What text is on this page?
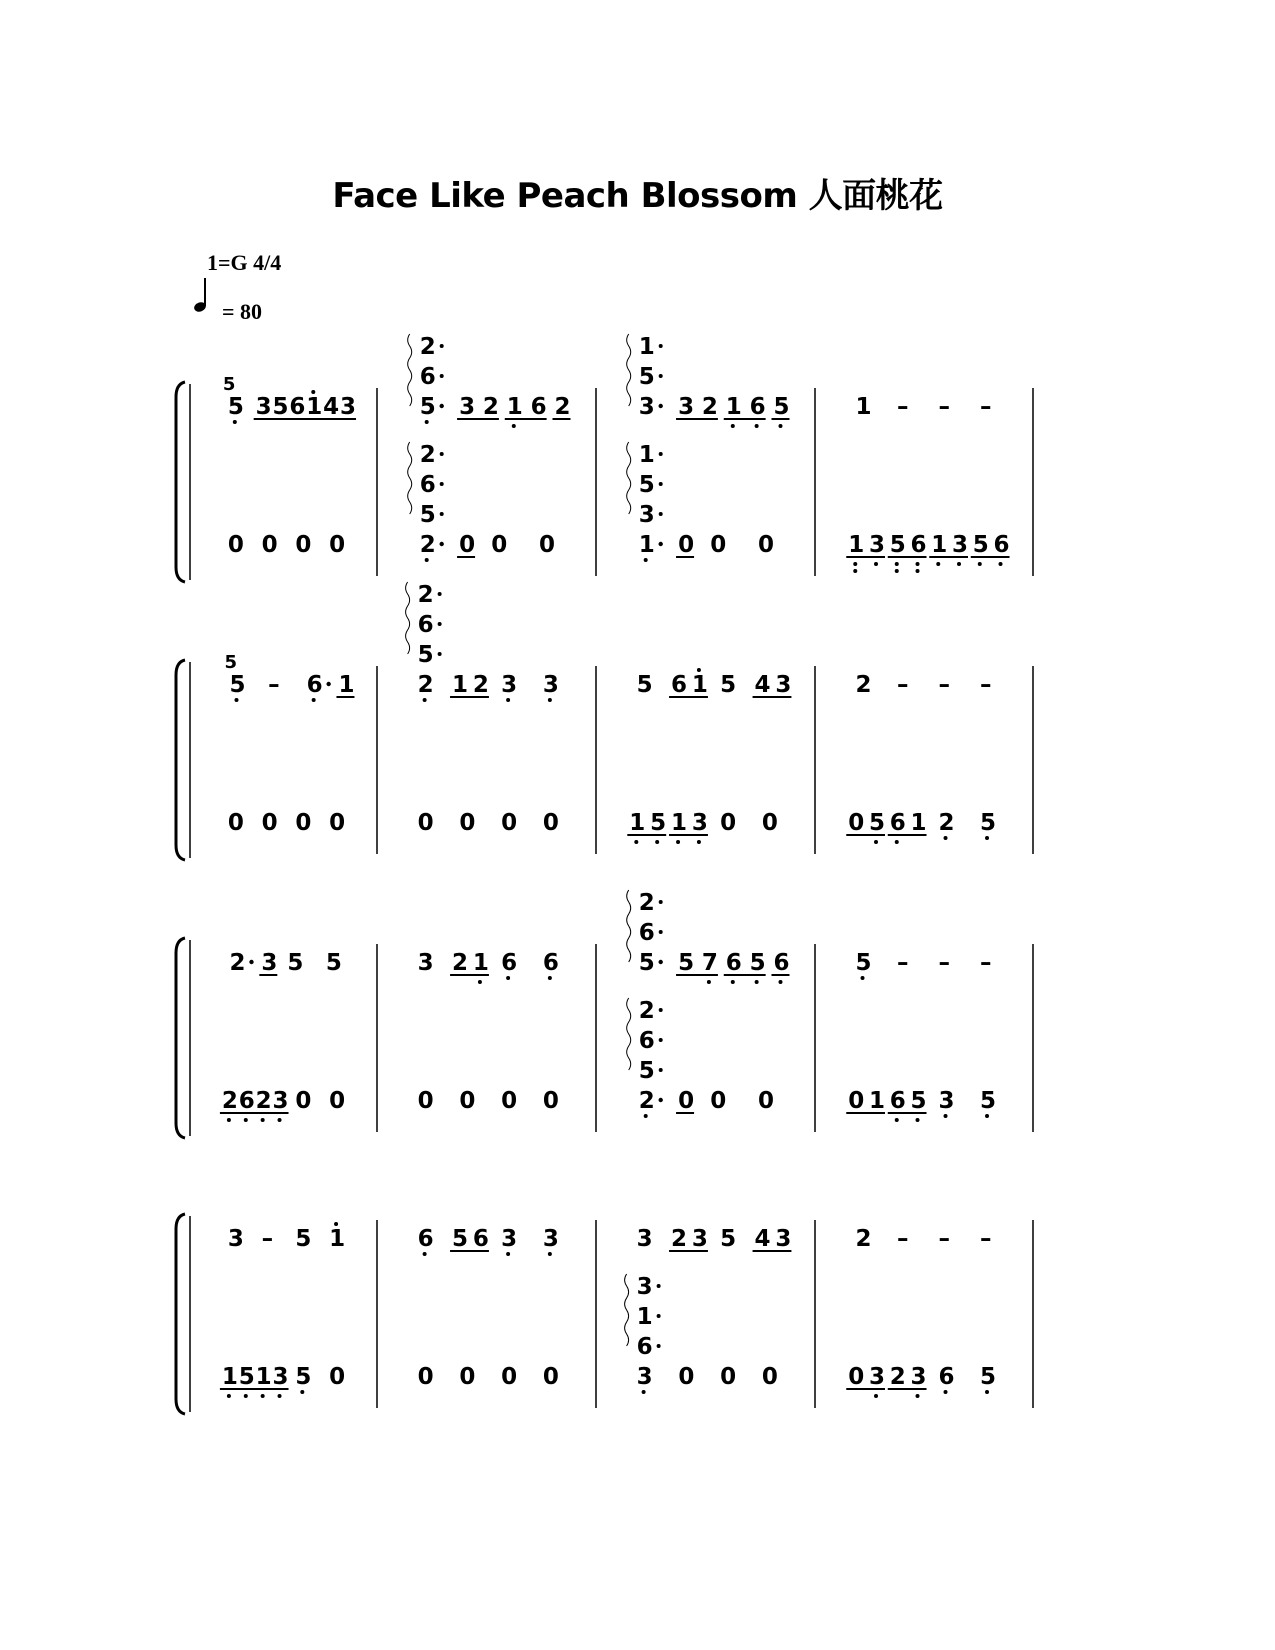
Face Like Peach Blossom 人面桃花
1=G 4/4
= 80
5
5
3 5 6 1 4 3
0 0 0 0
5
6
2
3 2 1 6 2
2
5
6
2
0 0 0
3
5
1
3 2 1 6 5
1
3
5
1
0 0 0
1 – – –
1 3 5 6 1 3 5 6
5
5
– 6 1
0 0 0 0
2
5
6
2
1 2 3 3
0 0 0 0
5 6 1 5 4 3
1 5 1 3 0 0
2 – – –
0 5 6 1 2 5
2 3 5 5
2 6 2 3 0 0
3 2 1 6 6
0 0 0 0
5
6
2
5 7 6 5 6
2
5
6
2
0 0 0
5 – – –
0 1 6 5 3 5
3 – 5 1
1 5 1 3 5 0
6 5 6 3 3
0 0 0 0
3 2 3 5 4 3
3
6
1
3
0 0 0
2 – – –
0 3 2 3 6 5
